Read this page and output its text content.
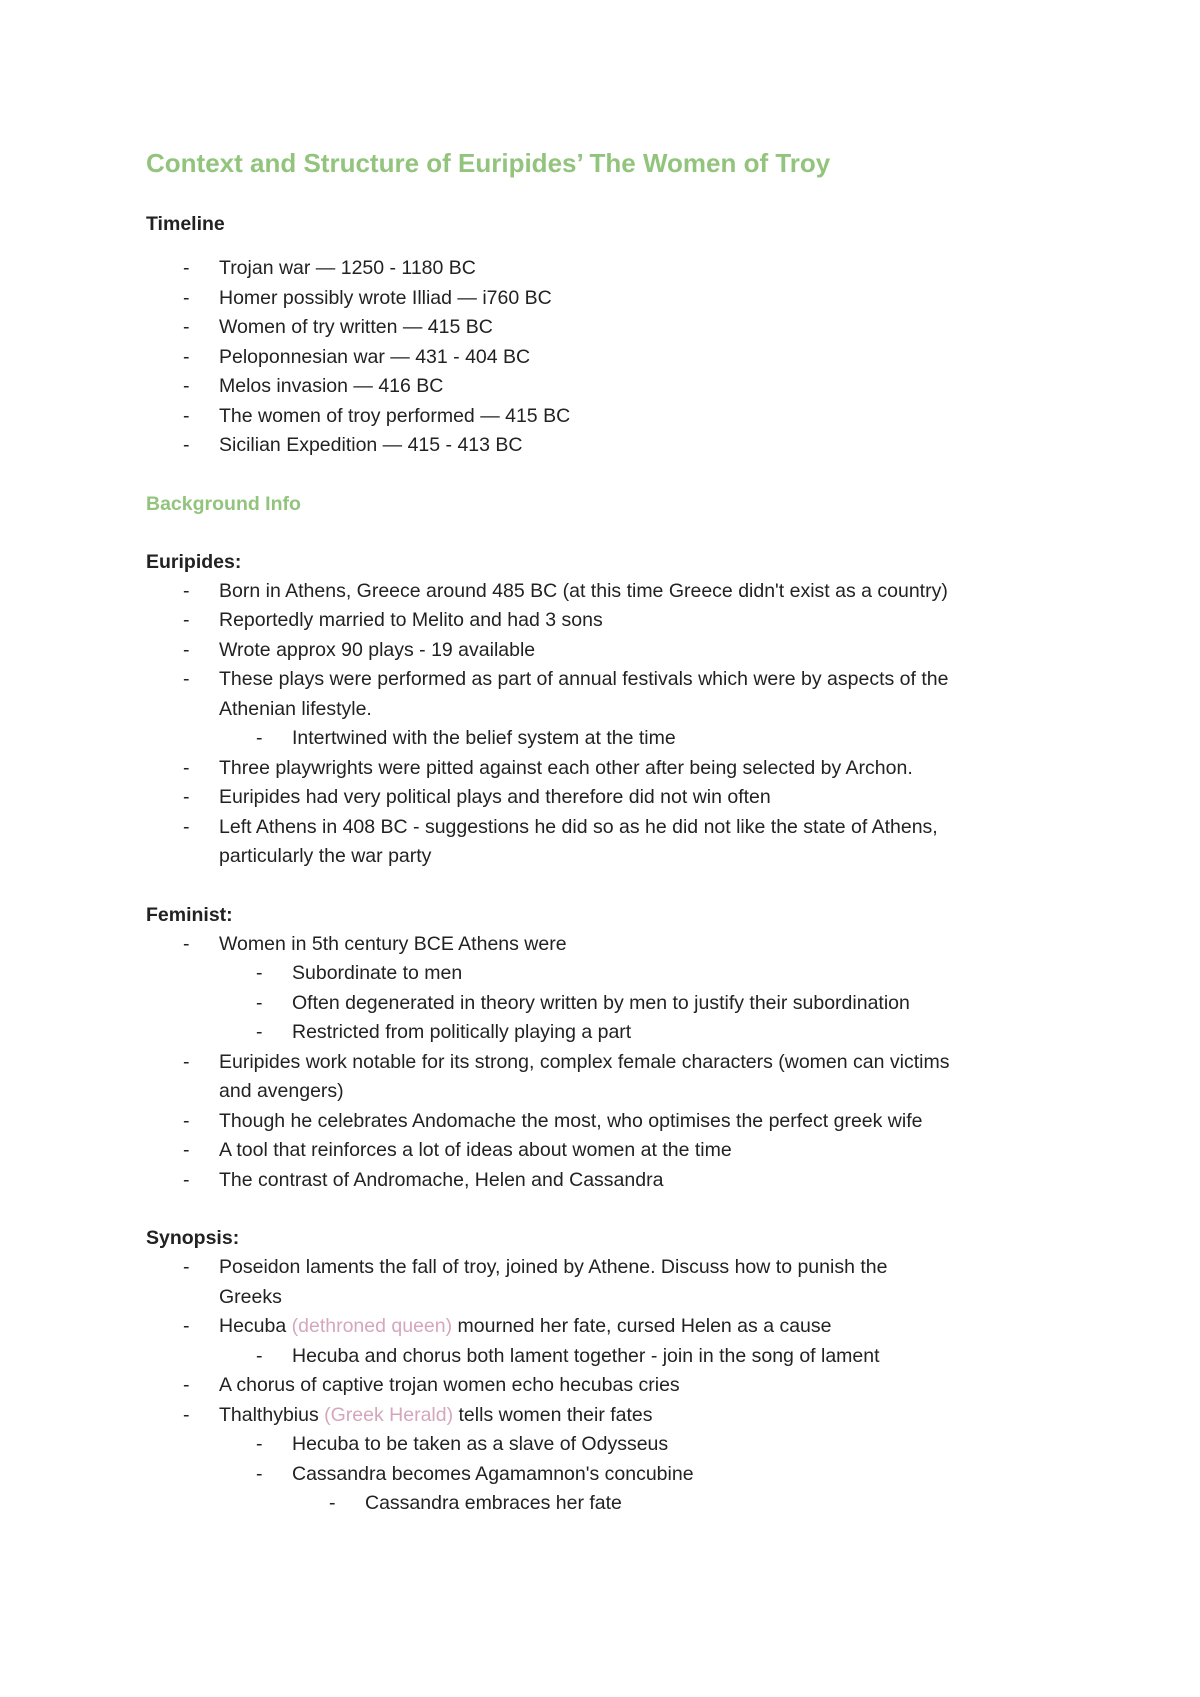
Context and Structure of Euripides’ The Women of Troy
Timeline
- Trojan war — 1250 - 1180 BC
- Homer possibly wrote Illiad — i760 BC
- Women of try written — 415 BC
- Peloponnesian war — 431 - 404 BC
- Melos invasion — 416 BC
- The women of troy performed — 415 BC
- Sicilian Expedition — 415 - 413 BC
Background Info
Euripides:
- Born in Athens, Greece around 485 BC (at this time Greece didn't exist as a country)
- Reportedly married to Melito and had 3 sons
- Wrote approx 90 plays - 19 available
- These plays were performed as part of annual festivals which were by aspects of the
Athenian lifestyle.
- Intertwined with the belief system at the time
- Three playwrights were pitted against each other after being selected by Archon.
- Euripides had very political plays and therefore did not win often
- Left Athens in 408 BC - suggestions he did so as he did not like the state of Athens,
particularly the war party
Feminist:
- Women in 5th century BCE Athens were
- Subordinate to men
- Often degenerated in theory written by men to justify their subordination
- Restricted from politically playing a part
- Euripides work notable for its strong, complex female characters (women can victims
and avengers)
- Though he celebrates Andomache the most, who optimises the perfect greek wife
- A tool that reinforces a lot of ideas about women at the time
- The contrast of Andromache, Helen and Cassandra
Synopsis:
- Poseidon laments the fall of troy, joined by Athene. Discuss how to punish the
Greeks
- Hecuba (dethroned queen) mourned her fate, cursed Helen as a cause
- Hecuba and chorus both lament together - join in the song of lament
- A chorus of captive trojan women echo hecubas cries
- Thalthybius (Greek Herald) tells women their fates
- Hecuba to be taken as a slave of Odysseus
- Cassandra becomes Agamamnon's concubine
- Cassandra embraces her fate
